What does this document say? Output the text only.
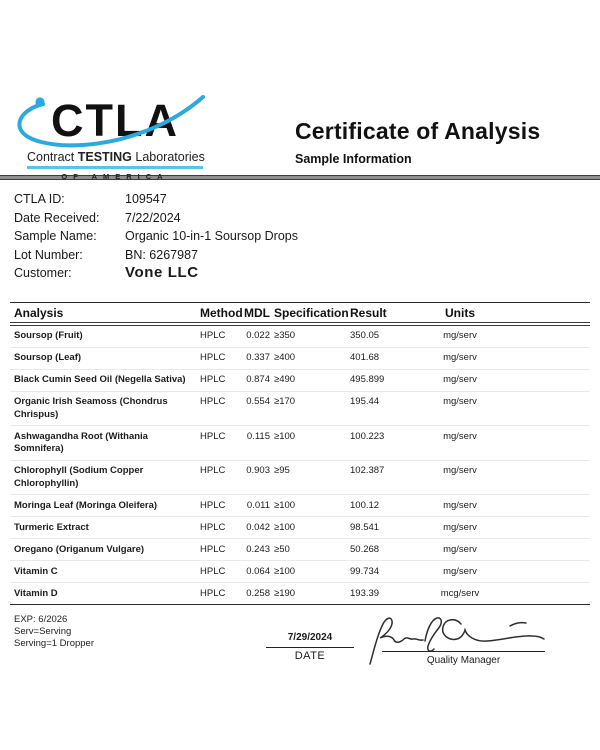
CTLA
Contract TESTING Laboratories
OF AMERICA
Certificate of Analysis
Sample Information
CTLA ID:	109547
Date Received:	7/22/2024
Sample Name:	Organic 10-in-1 Soursop Drops
Lot Number:	BN: 6267987
Customer:	Vone LLC
Analysis	Method	MDL	Specification	Result	Units	
Soursop (Fruit)	HPLC	0.022	≥350	350.05	mg/serv	
Soursop (Leaf)	HPLC	0.337	≥400	401.68	mg/serv	
Black Cumin Seed Oil (Negella Sativa)	HPLC	0.874	≥490	495.899	mg/serv	
Organic Irish Seamoss (Chondrus Chrispus)	HPLC	0.554	≥170	195.44	mg/serv	
Ashwagandha Root (Withania Somnifera)	HPLC	0.115	≥100	100.223	mg/serv	
Chlorophyll (Sodium Copper Chlorophyllin)	HPLC	0.903	≥95	102.387	mg/serv	
Moringa Leaf (Moringa Oleifera)	HPLC	0.011	≥100	100.12	mg/serv	
Turmeric Extract	HPLC	0.042	≥100	98.541	mg/serv	
Oregano (Origanum Vulgare)	HPLC	0.243	≥50	50.268	mg/serv	
Vitamin C	HPLC	0.064	≥100	99.734	mg/serv	
Vitamin D	HPLC	0.258	≥190	193.39	mcg/serv	
EXP: 6/2026
Serv=Serving
Serving=1 Dropper
7/29/2024
DATE	Quality Manager
